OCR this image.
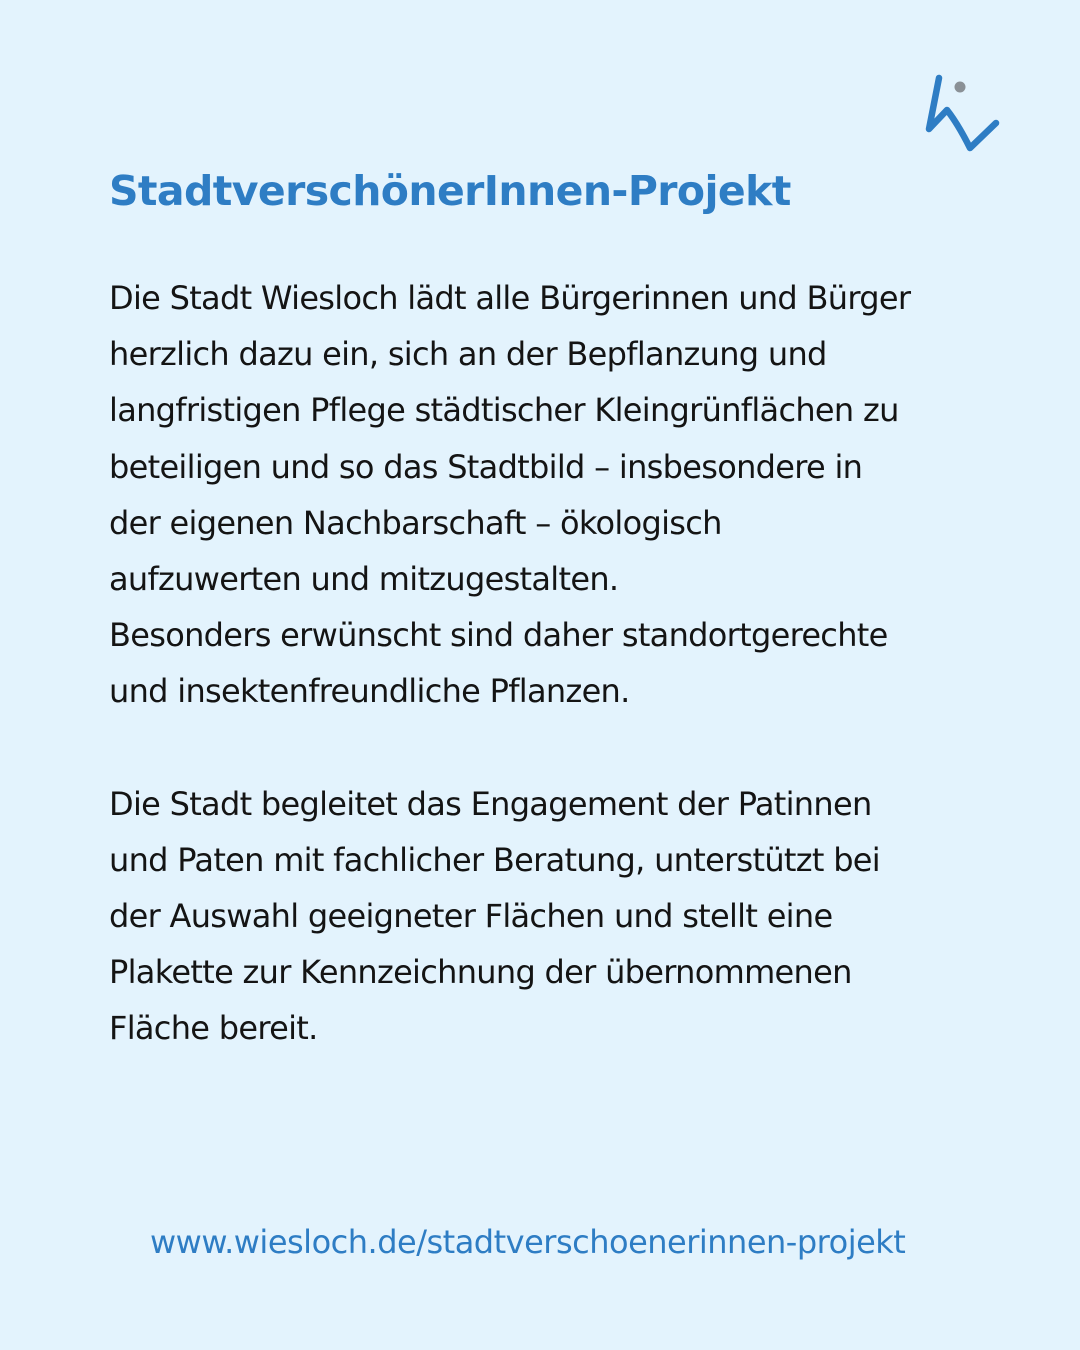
StadtverschönerInnen-Projekt

Die Stadt Wiesloch lädt alle Bürgerinnen und Bürger
herzlich dazu ein, sich an der Bepflanzung und
langfristigen Pflege städtischer Kleingrünflächen zu
beteiligen und so das Stadtbild – insbesondere in
der eigenen Nachbarschaft – ökologisch
aufzuwerten und mitzugestalten.
Besonders erwünscht sind daher standortgerechte
und insektenfreundliche Pflanzen.

Die Stadt begleitet das Engagement der Patinnen
und Paten mit fachlicher Beratung, unterstützt bei
der Auswahl geeigneter Flächen und stellt eine
Plakette zur Kennzeichnung der übernommenen
Fläche bereit.

www.wiesloch.de/stadtverschoenerinnen-projekt
